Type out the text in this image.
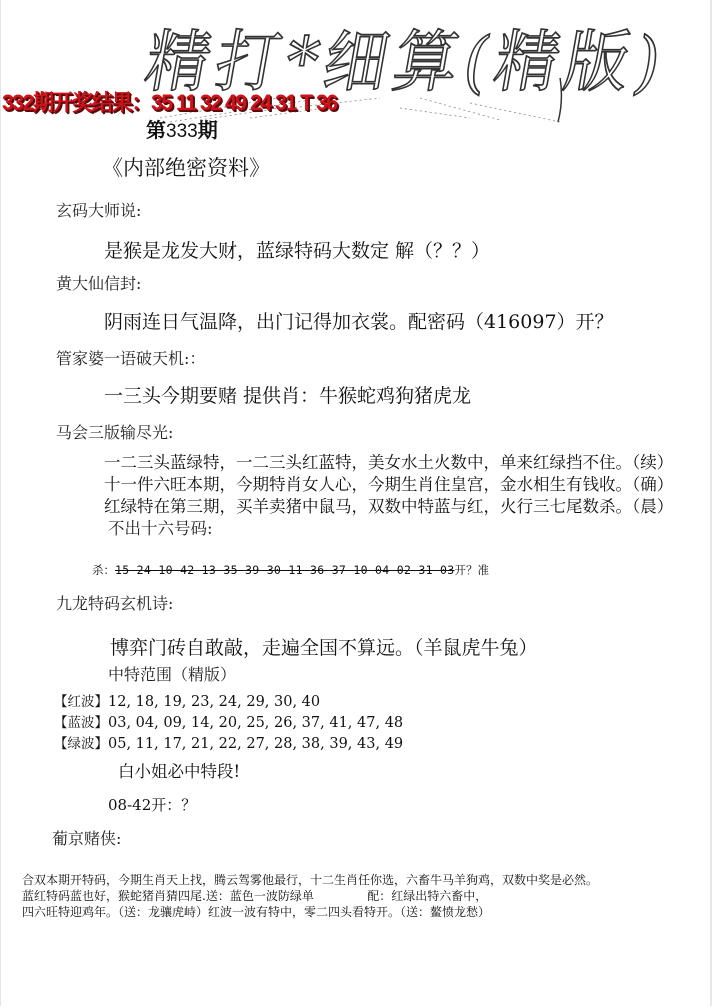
精打*细算(精版)
332期开奖结果：35 11 32 49 24 31 T 36
第333期
《内部绝密资料》
玄码大师说:
是猴是龙发大财，蓝绿特码大数定 解（？？）
黄大仙信封:
阴雨连日气温降，出门记得加衣裳。配密码（416097）开？
管家婆一语破天机:：
一三头今期要赌 提供肖：牛猴蛇鸡狗猪虎龙
马会三版输尽光:
一二三头蓝绿特，一二三头红蓝特，美女水土火数中，单来红绿挡不住。（续）
十一件六旺本期，今期特肖女人心，今期生肖住皇宫，金水相生有钱收。（确）
红绿特在第三期，买羊卖猪中鼠马，双数中特蓝与红，火行三七尾数杀。（晨）
不出十六号码:
杀：15 24 10 42 13 35 39 30 11 36 37 10 04 02 31 03开？准
九龙特码玄机诗:
博弈门砖自敢敲，走遍全国不算远。（羊鼠虎牛兔）
中特范围（精版）
【红波】12, 18, 19, 23, 24, 29, 30, 40
【蓝波】03, 04, 09, 14, 20, 25, 26, 37, 41, 47, 48
【绿波】05, 11, 17, 21, 22, 27, 28, 38, 39, 43, 49
白小姐必中特段!
08-42开：？
葡京赌侠:
合双本期开特码，今期生肖天上找，腾云驾雾他最行，十二生肖任你选，六畜牛马羊狗鸡，双数中奖是必然。
蓝红特码蓝也好，猴蛇猪肖猜四尾.送：蓝色一波防绿单              配：红绿出特六畜中，
四六旺特迎鸡年。（送：龙骧虎峙）红波一波有特中，零二四头看特开。（送：鳌愤龙愁）
